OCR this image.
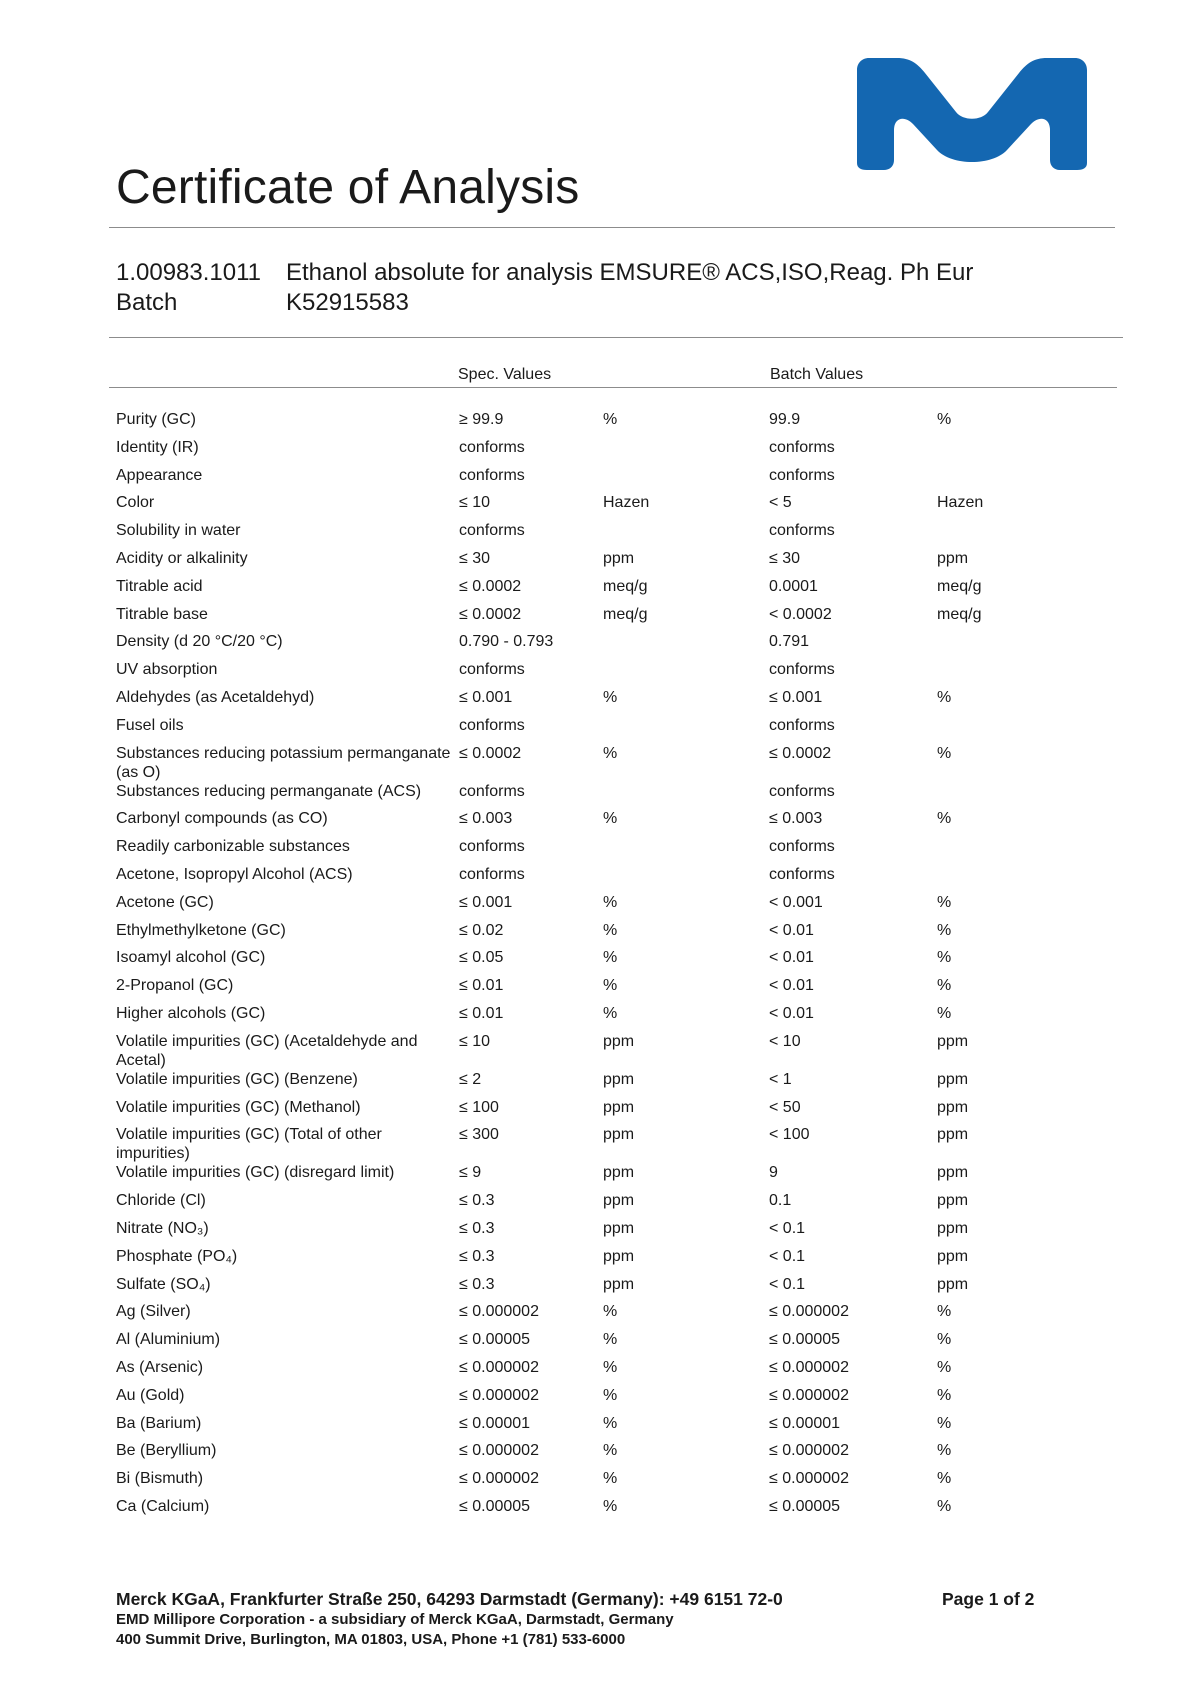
Certificate of Analysis
1.00983.1011	Ethanol absolute for analysis EMSURE® ACS,ISO,Reag. Ph Eur
Batch	K52915583
Spec. Values	Batch Values
Purity (GC)	≥ 99.9	%	99.9	%
Identity (IR)	conforms	conforms
Appearance	conforms	conforms
Color	≤ 10	Hazen	< 5	Hazen
Solubility in water	conforms	conforms
Acidity or alkalinity	≤ 30	ppm	≤ 30	ppm
Titrable acid	≤ 0.0002	meq/g	0.0001	meq/g
Titrable base	≤ 0.0002	meq/g	< 0.0002	meq/g
Density (d 20 °C/20 °C)	0.790 - 0.793	0.791
UV absorption	conforms	conforms
Aldehydes (as Acetaldehyd)	≤ 0.001	%	≤ 0.001	%
Fusel oils	conforms	conforms
Substances reducing potassium permanganate (as O)
≤ 0.0002	%	≤ 0.0002	%
Substances reducing permanganate (ACS)	conforms	conforms
Carbonyl compounds (as CO)	≤ 0.003	%	≤ 0.003	%
Readily carbonizable substances	conforms	conforms
Acetone, Isopropyl Alcohol (ACS)	conforms	conforms
Acetone (GC)	≤ 0.001	%	< 0.001	%
Ethylmethylketone (GC)	≤ 0.02	%	< 0.01	%
Isoamyl alcohol (GC)	≤ 0.05	%	< 0.01	%
2-Propanol (GC)	≤ 0.01	%	< 0.01	%
Higher alcohols (GC)	≤ 0.01	%	< 0.01	%
Volatile impurities (GC) (Acetaldehyde and Acetal)
≤ 10	ppm	< 10	ppm
Volatile impurities (GC) (Benzene)	≤ 2	ppm	< 1	ppm
Volatile impurities (GC) (Methanol)	≤ 100	ppm	< 50	ppm
Volatile impurities (GC) (Total of other impurities)
≤ 300	ppm	< 100	ppm
Volatile impurities (GC) (disregard limit)	≤ 9	ppm	9	ppm
Chloride (Cl)	≤ 0.3	ppm	0.1	ppm
Nitrate (NO₃)	≤ 0.3	ppm	< 0.1	ppm
Phosphate (PO₄)	≤ 0.3	ppm	< 0.1	ppm
Sulfate (SO₄)	≤ 0.3	ppm	< 0.1	ppm
Ag (Silver)	≤ 0.000002	%	≤ 0.000002	%
Al (Aluminium)	≤ 0.00005	%	≤ 0.00005	%
As (Arsenic)	≤ 0.000002	%	≤ 0.000002	%
Au (Gold)	≤ 0.000002	%	≤ 0.000002	%
Ba (Barium)	≤ 0.00001	%	≤ 0.00001	%
Be (Beryllium)	≤ 0.000002	%	≤ 0.000002	%
Bi (Bismuth)	≤ 0.000002	%	≤ 0.000002	%
Ca (Calcium)	≤ 0.00005	%	≤ 0.00005	%
Merck KGaA, Frankfurter Straße 250, 64293 Darmstadt (Germany): +49 6151 72-0
EMD Millipore Corporation - a subsidiary of Merck KGaA, Darmstadt, Germany
400 Summit Drive, Burlington, MA 01803, USA, Phone +1 (781) 533-6000
Page 1 of 2
